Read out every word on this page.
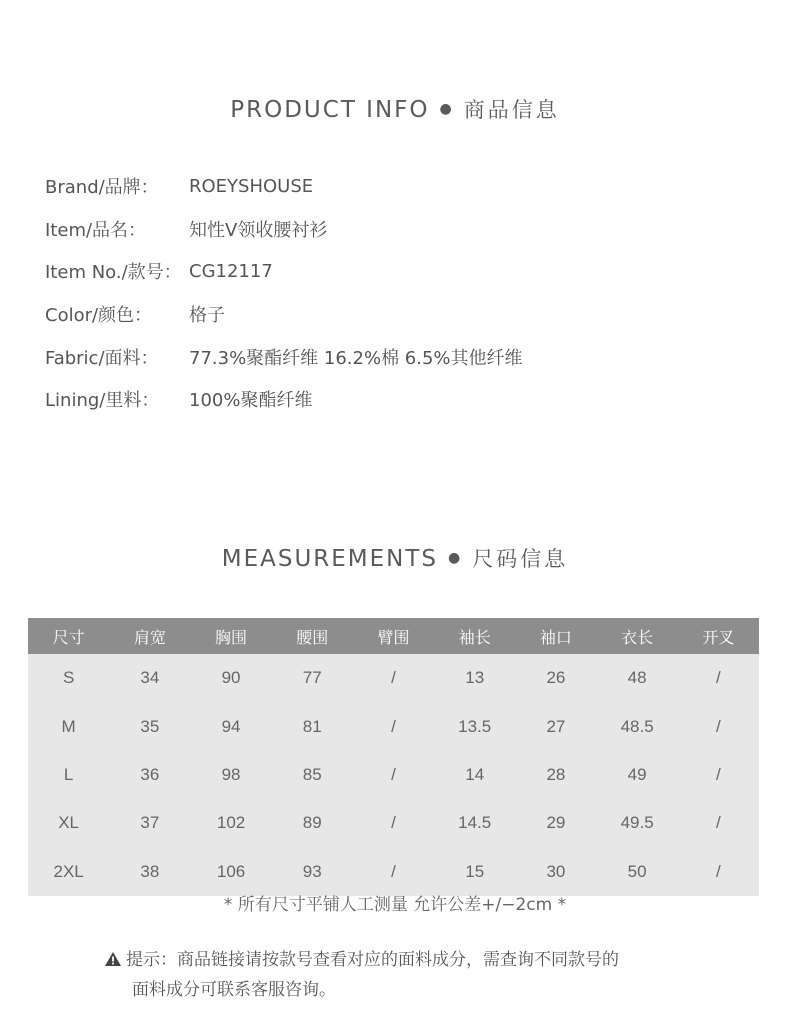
PRODUCT INFO ● 商品信息
Brand/品牌：	ROEYSHOUSE
Item/品名：	知性V领收腰衬衫
Item No./款号： CG12117
Color/颜色：	格子
Fabric/面料：	77.3%聚酯纤维 16.2%棉 6.5%其他纤维
Lining/里料：	100%聚酯纤维
MEASUREMENTS ● 尺码信息
尺寸	肩宽	胸围	腰围	臂围	袖长	袖口	衣长	开叉
S	34	90	77	/	13	26	48	/
M	35	94	81	/	13.5	27	48.5	/
L	36	98	85	/	14	28	49	/
XL	37	102	89	/	14.5	29	49.5	/
2XL	38	106	93	/	15	30	50	/
* 所有尺寸平铺人工测量 允许公差+/−2cm *
提示：商品链接请按款号查看对应的面料成分，需查询不同款号的
面料成分可联系客服咨询。
